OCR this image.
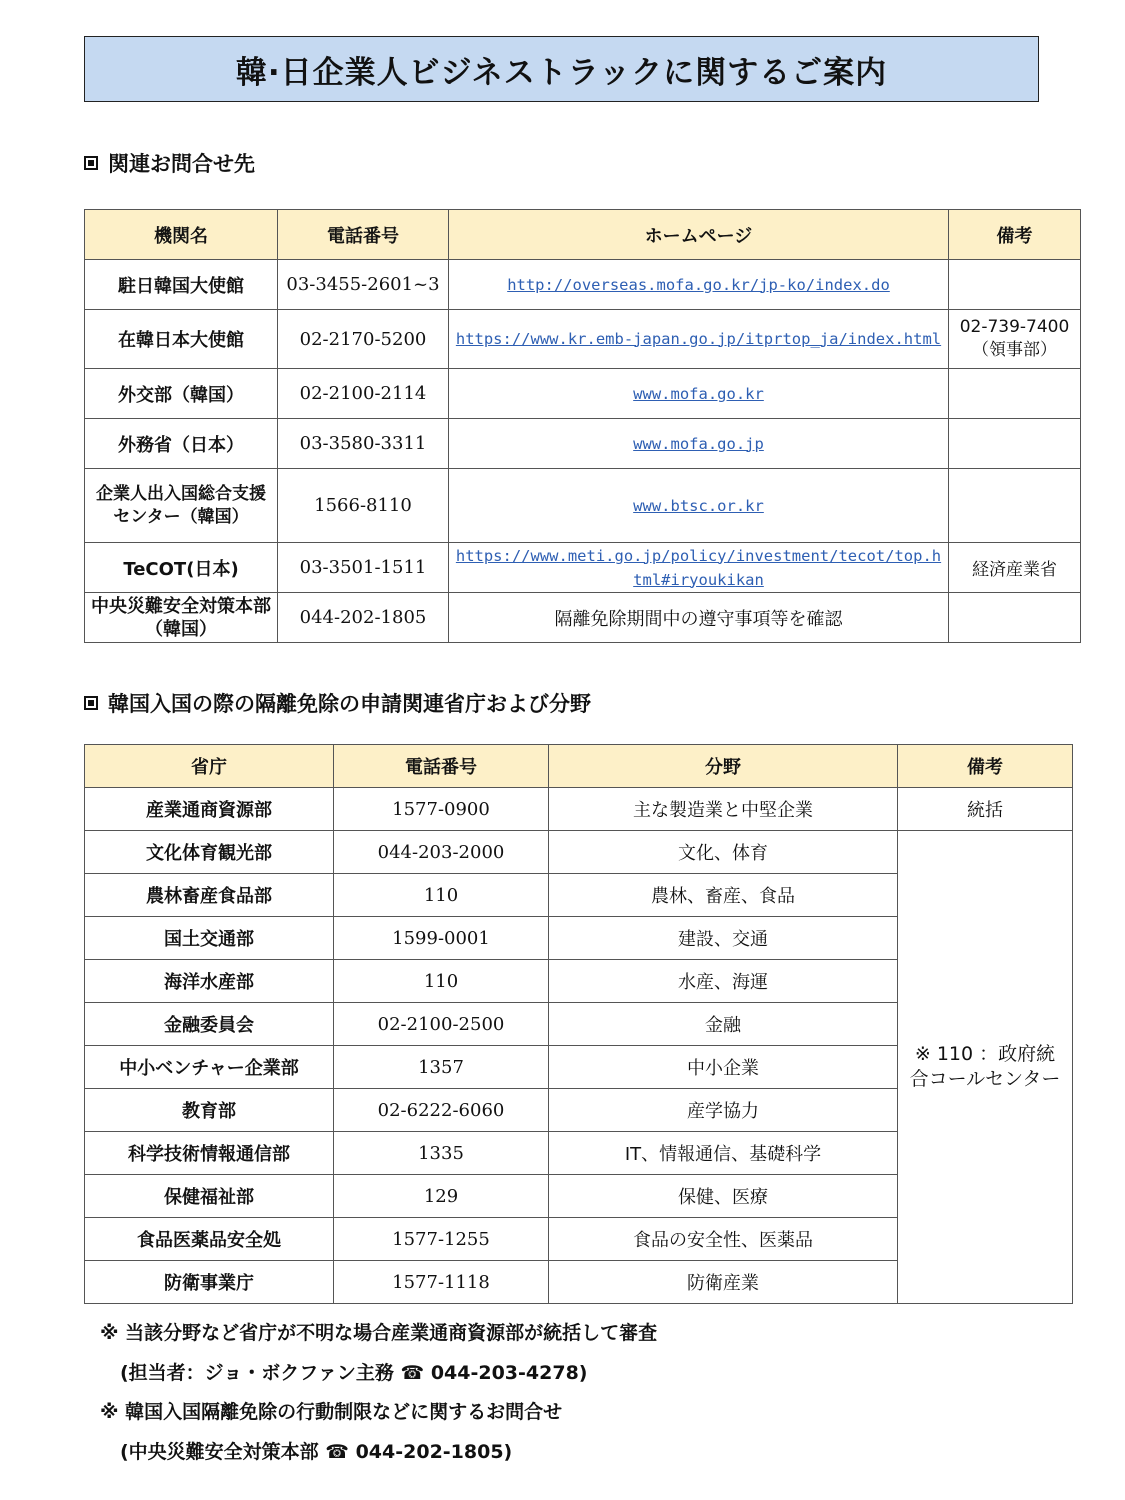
韓·日企業人ビジネストラックに関するご案内
関連お問合せ先
機関名	電話番号	ホームページ	備考
駐日韓国大使館	03-3455-2601~3	http://overseas.mofa.go.kr/jp-ko/index.do	
在韓日本大使館	02-2170-5200	https://www.kr.emb-japan.go.jp/itprtop_ja/index.html	02-739-7400（領事部）
外交部（韓国）	02-2100-2114	www.mofa.go.kr	
外務省（日本）	03-3580-3311	www.mofa.go.jp	
企業人出入国総合支援センター（韓国）	1566-8110	www.btsc.or.kr	
TeCOT(日本)	03-3501-1511	https://www.meti.go.jp/policy/investment/tecot/top.html#iryoukikan	経済産業省
中央災難安全対策本部（韓国）	044-202-1805	隔離免除期間中の遵守事項等を確認	
韓国入国の際の隔離免除の申請関連省庁および分野
省庁	電話番号	分野	備考
産業通商資源部	1577-0900	主な製造業と中堅企業	統括
文化体育観光部	044-203-2000	文化、体育	※ 110 ：政府統合コールセンター
農林畜産食品部	110	農林、畜産、食品	
国土交通部	1599-0001	建設、交通	
海洋水産部	110	水産、海運	
金融委員会	02-2100-2500	金融	
中小ベンチャー企業部	1357	中小企業	
教育部	02-6222-6060	産学協力	
科学技術情報通信部	1335	IT、情報通信、基礎科学	
保健福祉部	129	保健、医療	
食品医薬品安全処	1577-1255	食品の安全性、医薬品	
防衛事業庁	1577-1118	防衛産業	
※ 当該分野など省庁が不明な場合産業通商資源部が統括して審査
(担当者：ジョ・ボクファン主務 ☎ 044-203-4278)
※ 韓国入国隔離免除の行動制限などに関するお問合せ
(中央災難安全対策本部 ☎ 044-202-1805)
